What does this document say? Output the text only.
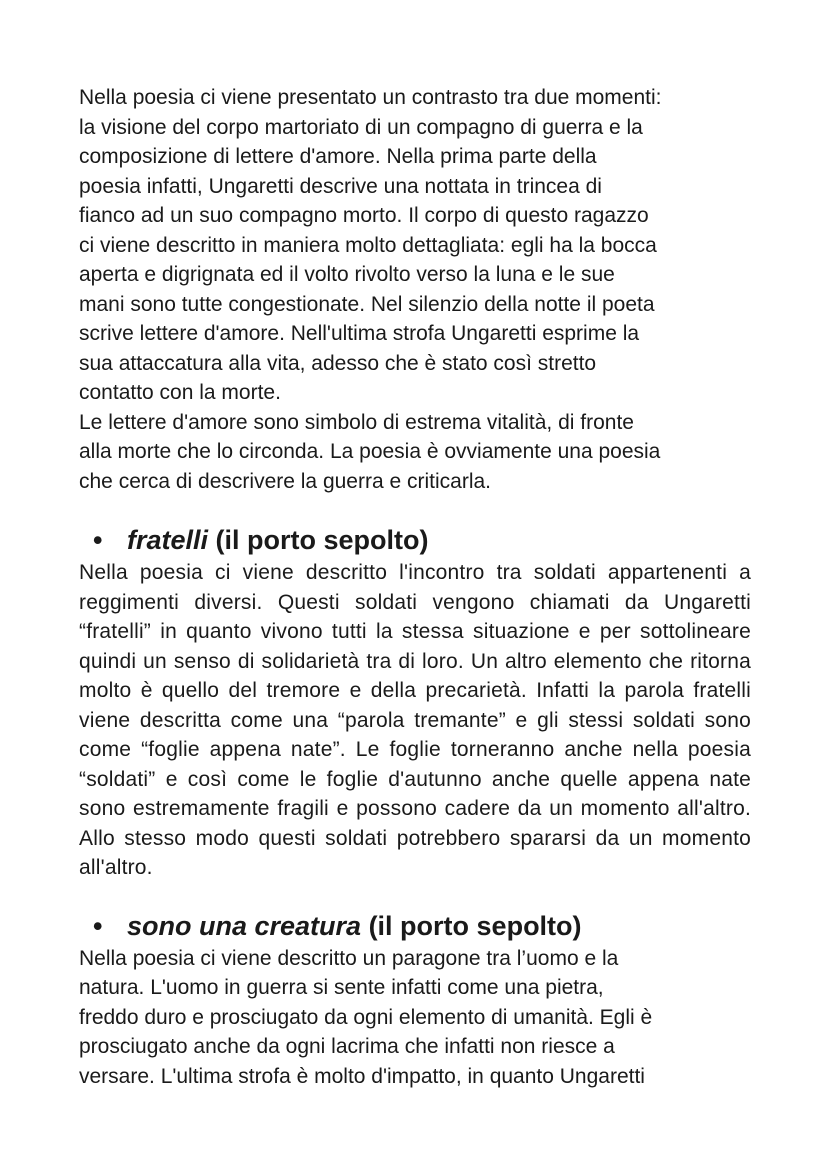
Nella poesia ci viene presentato un contrasto tra due momenti:
la visione del corpo martoriato di un compagno di guerra e la
composizione di lettere d'amore. Nella prima parte della
poesia infatti, Ungaretti descrive una nottata in trincea di
fianco ad un suo compagno morto. Il corpo di questo ragazzo
ci viene descritto in maniera molto dettagliata: egli ha la bocca
aperta e digrignata ed il volto rivolto verso la luna e le sue
mani sono tutte congestionate. Nel silenzio della notte il poeta
scrive lettere d'amore. Nell'ultima strofa Ungaretti esprime la
sua attaccatura alla vita, adesso che è stato così stretto
contatto con la morte.
Le lettere d'amore sono simbolo di estrema vitalità, di fronte
alla morte che lo circonda. La poesia è ovviamente una poesia
che cerca di descrivere la guerra e criticarla.

• fratelli (il porto sepolto)

Nella poesia ci viene descritto l'incontro tra soldati appartenenti a reggimenti diversi. Questi soldati vengono chiamati da Ungaretti “fratelli” in quanto vivono tutti la stessa situazione e per sottolineare quindi un senso di solidarietà tra di loro. Un altro elemento che ritorna molto è quello del tremore e della precarietà. Infatti la parola fratelli viene descritta come una “parola tremante” e gli stessi soldati sono come “foglie appena nate”. Le foglie torneranno anche nella poesia “soldati” e così come le foglie d'autunno anche quelle appena nate sono estremamente fragili e possono cadere da un momento all'altro. Allo stesso modo questi soldati potrebbero spararsi da un momento all'altro.

• sono una creatura (il porto sepolto)

Nella poesia ci viene descritto un paragone tra l’uomo e la
natura. L'uomo in guerra si sente infatti come una pietra,
freddo duro e prosciugato da ogni elemento di umanità. Egli è
prosciugato anche da ogni lacrima che infatti non riesce a
versare. L'ultima strofa è molto d'impatto, in quanto Ungaretti
